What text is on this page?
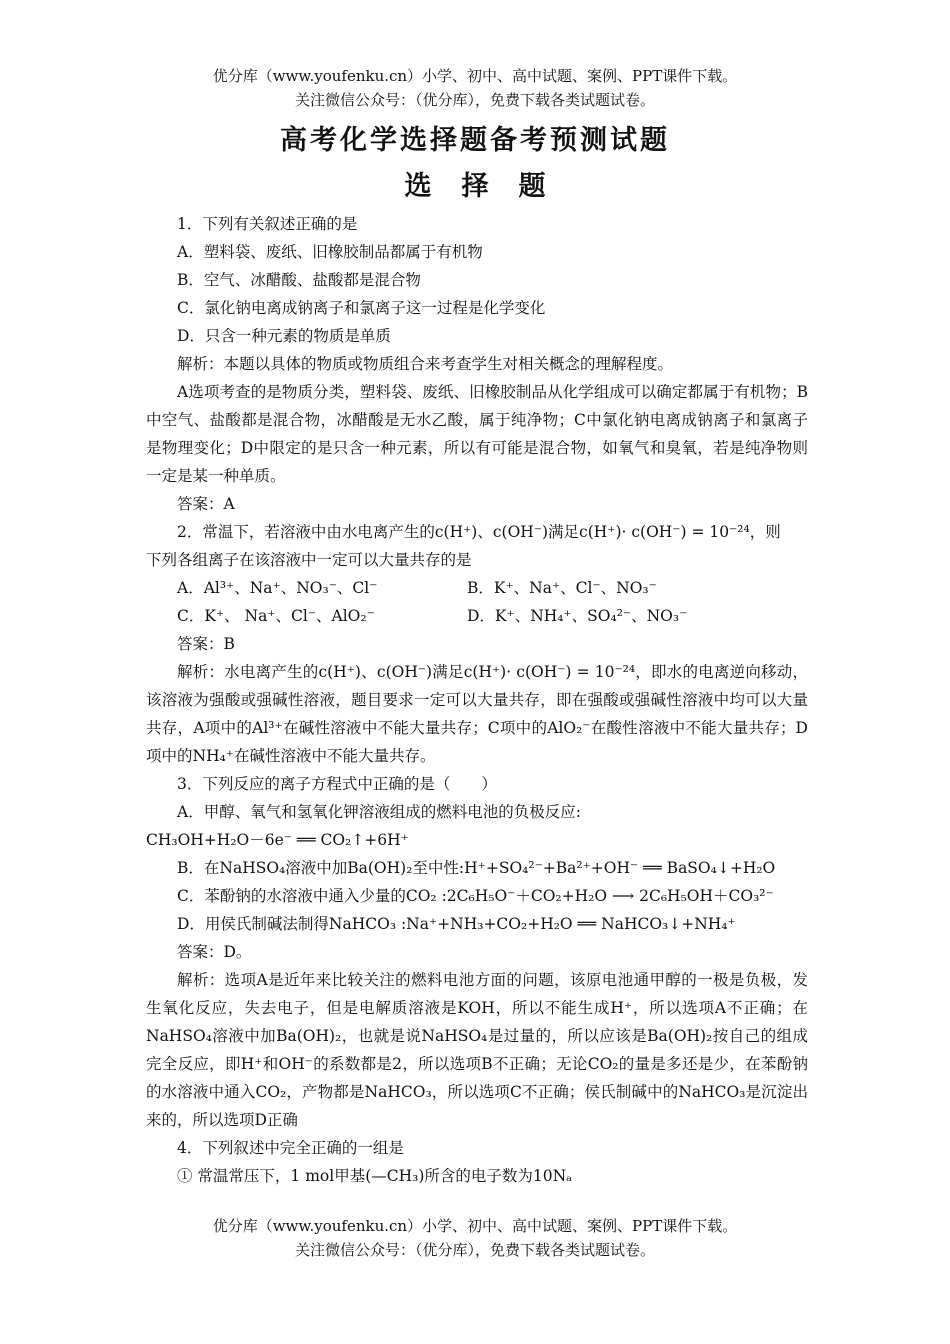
优分库（www.youfenku.cn）小学、初中、高中试题、案例、PPT课件下载。
关注微信公众号：（优分库），免费下载各类试题试卷。
高考化学选择题备考预测试题
选择题
1．下列有关叙述正确的是
A．塑料袋、废纸、旧橡胶制品都属于有机物
B．空气、冰醋酸、盐酸都是混合物
C．氯化钠电离成钠离子和氯离子这一过程是化学变化
D．只含一种元素的物质是单质
解析：本题以具体的物质或物质组合来考查学生对相关概念的理解程度。
A选项考查的是物质分类，塑料袋、废纸、旧橡胶制品从化学组成可以确定都属于有机物；B中空气、盐酸都是混合物，冰醋酸是无水乙酸，属于纯净物；C中氯化钠电离成钠离子和氯离子是物理变化；D中限定的是只含一种元素，所以有可能是混合物，如氧气和臭氧，若是纯净物则一定是某一种单质。
答案：A
2．常温下，若溶液中由水电离产生的c(H⁺)、c(OH⁻)满足c(H⁺)· c(OH⁻) = 10⁻²⁴，则
下列各组离子在该溶液中一定可以大量共存的是
A．Al³⁺、Na⁺、NO₃⁻、Cl⁻	B．K⁺、Na⁺、Cl⁻、NO₃⁻
C．K⁺、 Na⁺、Cl⁻、AlO₂⁻	D．K⁺、NH₄⁺、SO₄²⁻、NO₃⁻
答案：B
解析：水电离产生的c(H⁺)、c(OH⁻)满足c(H⁺)· c(OH⁻) = 10⁻²⁴，即水的电离逆向移动，该溶液为强酸或强碱性溶液，题目要求一定可以大量共存，即在强酸或强碱性溶液中均可以大量共存，A项中的Al³⁺在碱性溶液中不能大量共存；C项中的AlO₂⁻在酸性溶液中不能大量共存；D项中的NH₄⁺在碱性溶液中不能大量共存。
3．下列反应的离子方程式中正确的是（　　）
A．甲醇、氧气和氢氧化钾溶液组成的燃料电池的负极反应:
CH₃OH+H₂O－6e⁻ ══ CO₂↑+6H⁺
B．在NaHSO₄溶液中加Ba(OH)₂至中性:H⁺+SO₄²⁻+Ba²⁺+OH⁻ ══ BaSO₄↓+H₂O
C．苯酚钠的水溶液中通入少量的CO₂ :2C₆H₅O⁻＋CO₂+H₂O ⟶ 2C₆H₅OH＋CO₃²⁻
D．用侯氏制碱法制得NaHCO₃ :Na⁺+NH₃+CO₂+H₂O ══ NaHCO₃↓+NH₄⁺
答案：D。
解析：选项A是近年来比较关注的燃料电池方面的问题，该原电池通甲醇的一极是负极，发生氧化反应，失去电子，但是电解质溶液是KOH，所以不能生成H⁺，所以选项A不正确；在NaHSO₄溶液中加Ba(OH)₂，也就是说NaHSO₄是过量的，所以应该是Ba(OH)₂按自己的组成完全反应，即H⁺和OH⁻的系数都是2，所以选项B不正确；无论CO₂的量是多还是少，在苯酚钠的水溶液中通入CO₂，产物都是NaHCO₃，所以选项C不正确；侯氏制碱中的NaHCO₃是沉淀出来的，所以选项D正确
4．下列叙述中完全正确的一组是
① 常温常压下，1 mol甲基(—CH₃)所含的电子数为10Nₐ
优分库（www.youfenku.cn）小学、初中、高中试题、案例、PPT课件下载。
关注微信公众号：（优分库），免费下载各类试题试卷。
